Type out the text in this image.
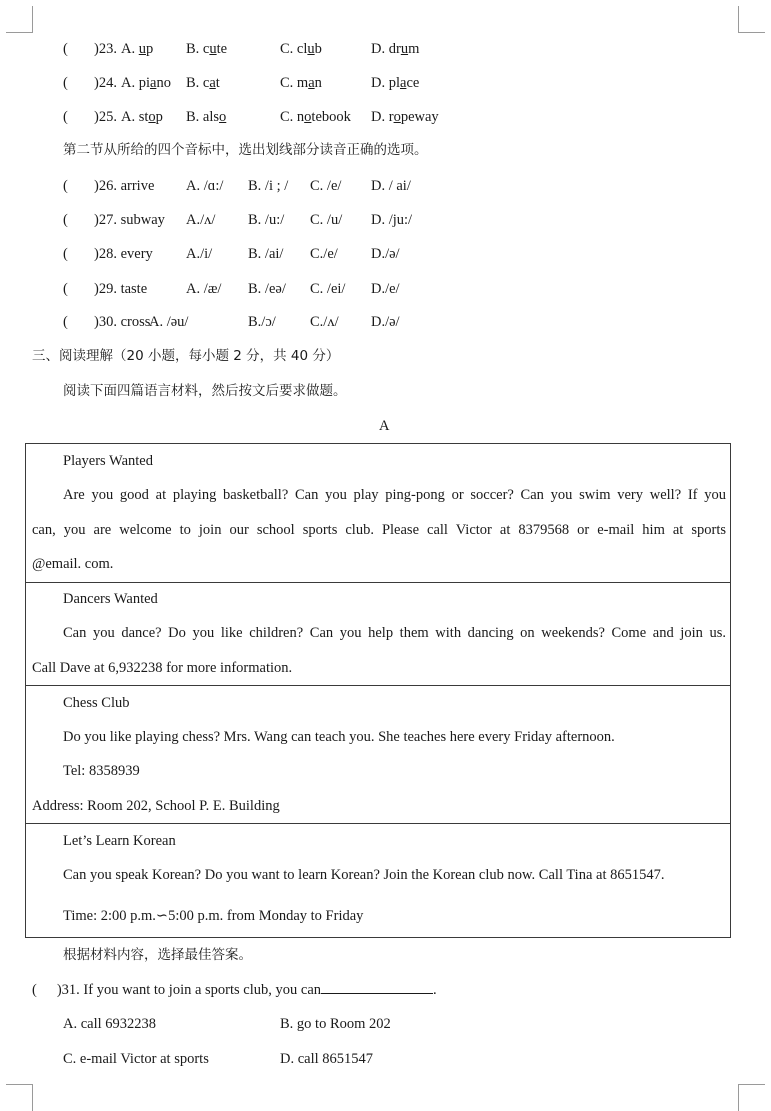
( )23. A. up B. cute	C. club	D. drum
( )24. A. piano B. cat	C. man	D. place
( )25. A. stop B. also	C. notebook D. ropeway
第二节从所给的四个音标中，选出划线部分读音正确的选项。
( )26. arrive A. /ɑ:/ B. /i ; / C. /e/ D. / ai/
( )27. subway A./ʌ/ B. /u:/ C. /u/ D. /ju:/
( )28. every A./i/ B. /ai/ C./e/ D./ə/
( )29. taste	A. /æ/ B. /eə/ C. /ei/ D./e/
( )30. cross
A. /əu/	B./ɔ/ C./ʌ/ D./ə/
三、阅读理解（20 小题，每小题 2 分，共 40 分）
阅读下面四篇语言材料，然后按文后要求做题。
A
Players Wanted
Are you good at playing basketball? Can you play ping-pong or soccer? Can you swim very well? If you
can, you are welcome to join our school sports club. Please call Victor at 8379568 or e-mail him at sports
@email. com.
Dancers Wanted
Can you dance? Do you like children? Can you help them with dancing on weekends? Come and join us.
Call Dave at 6,932238 for more information.
Chess Club
Do you like playing chess? Mrs. Wang can teach you. She teaches here every Friday afternoon.
Tel: 8358939
Address: Room 202, School P. E. Building
Let’s Learn Korean
Can you speak Korean? Do you want to learn Korean? Join the Korean club now. Call Tina at 8651547.
Time: 2:00 p.m.∽5:00 p.m. from Monday to Friday
根据材料内容，选择最佳答案。
( )31. If you want to join a sports club, you can	.
A. call 6932238	B. go to Room 202
C. e-mail Victor at sports	D. call 8651547
